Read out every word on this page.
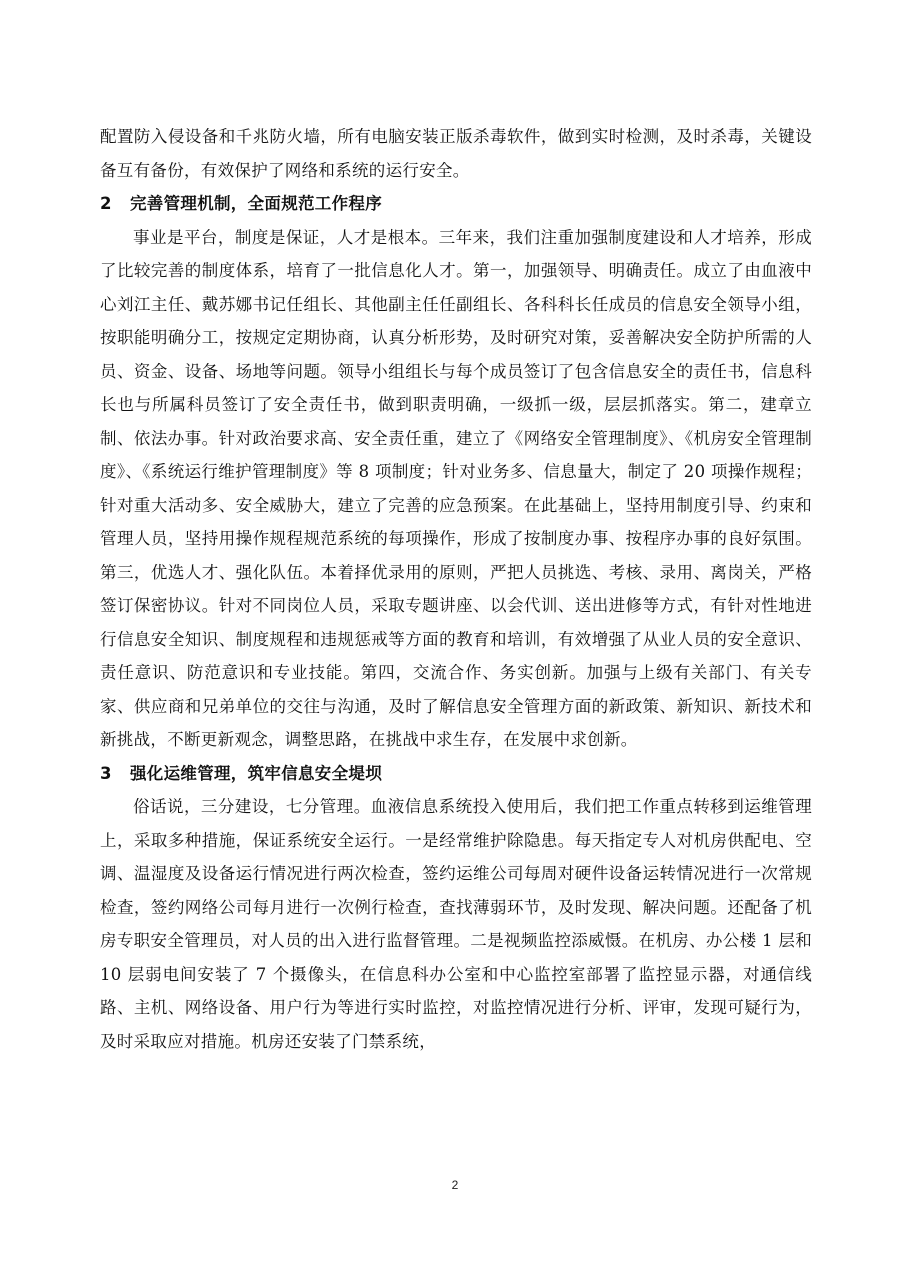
配置防入侵设备和千兆防火墙，所有电脑安装正版杀毒软件，做到实时检测，及时杀毒，关键设备互有备份，有效保护了网络和系统的运行安全。

2 完善管理机制，全面规范工作程序

事业是平台，制度是保证，人才是根本。三年来，我们注重加强制度建设和人才培养，形成了比较完善的制度体系，培育了一批信息化人才。第一，加强领导、明确责任。成立了由血液中心刘江主任、戴苏娜书记任组长、其他副主任任副组长、各科科长任成员的信息安全领导小组，按职能明确分工，按规定定期协商，认真分析形势，及时研究对策，妥善解决安全防护所需的人员、资金、设备、场地等问题。领导小组组长与每个成员签订了包含信息安全的责任书，信息科长也与所属科员签订了安全责任书，做到职责明确，一级抓一级，层层抓落实。第二，建章立制、依法办事。针对政治要求高、安全责任重，建立了《网络安全管理制度》、《机房安全管理制度》、《系统运行维护管理制度》等 8 项制度；针对业务多、信息量大，制定了 20 项操作规程；针对重大活动多、安全威胁大，建立了完善的应急预案。在此基础上，坚持用制度引导、约束和管理人员，坚持用操作规程规范系统的每项操作，形成了按制度办事、按程序办事的良好氛围。第三，优选人才、强化队伍。本着择优录用的原则，严把人员挑选、考核、录用、离岗关，严格签订保密协议。针对不同岗位人员，采取专题讲座、以会代训、送出进修等方式，有针对性地进行信息安全知识、制度规程和违规惩戒等方面的教育和培训，有效增强了从业人员的安全意识、责任意识、防范意识和专业技能。第四，交流合作、务实创新。加强与上级有关部门、有关专家、供应商和兄弟单位的交往与沟通，及时了解信息安全管理方面的新政策、新知识、新技术和新挑战，不断更新观念，调整思路，在挑战中求生存，在发展中求创新。

3 强化运维管理，筑牢信息安全堤坝

俗话说，三分建设，七分管理。血液信息系统投入使用后，我们把工作重点转移到运维管理上，采取多种措施，保证系统安全运行。一是经常维护除隐患。每天指定专人对机房供配电、空调、温湿度及设备运行情况进行两次检查，签约运维公司每周对硬件设备运转情况进行一次常规检查，签约网络公司每月进行一次例行检查，查找薄弱环节，及时发现、解决问题。还配备了机房专职安全管理员，对人员的出入进行监督管理。二是视频监控添威慑。在机房、办公楼 1 层和 10 层弱电间安装了 7 个摄像头，在信息科办公室和中心监控室部署了监控显示器，对通信线路、主机、网络设备、用户行为等进行实时监控，对监控情况进行分析、评审，发现可疑行为，及时采取应对措施。机房还安装了门禁系统，

2
